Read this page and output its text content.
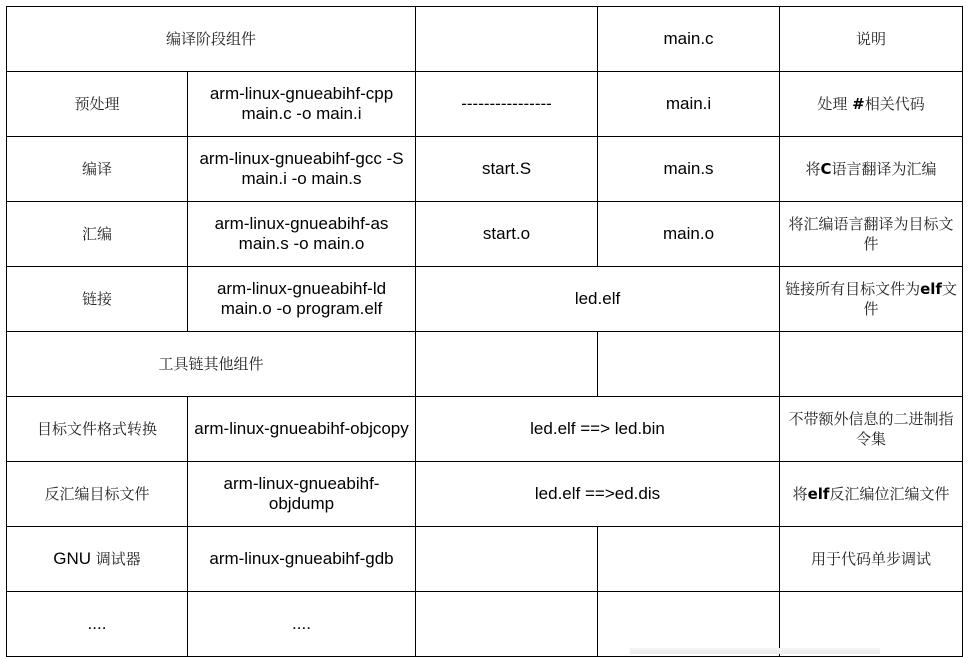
编译阶段组件			main.c	说明
预处理	arm-linux-gnueabihf-cpp main.c -o main.i	----------------	main.i	处理 #相关代码
编译	arm-linux-gnueabihf-gcc -S main.i -o main.s	start.S	main.s	将C语言翻译为汇编
汇编	arm-linux-gnueabihf-as main.s -o main.o	start.o	main.o	将汇编语言翻译为目标文件
链接	arm-linux-gnueabihf-ld main.o -o program.elf	led.elf		链接所有目标文件为elf文件
工具链其他组件				
目标文件格式转换	arm-linux-gnueabihf-objcopy	led.elf ==> led.bin		不带额外信息的二进制指令集
反汇编目标文件	arm-linux-gnueabihf-objdump	led.elf ==>ed.dis		将elf反汇编位汇编文件
GNU 调试器	arm-linux-gnueabihf-gdb			用于代码单步调试
....	....			
